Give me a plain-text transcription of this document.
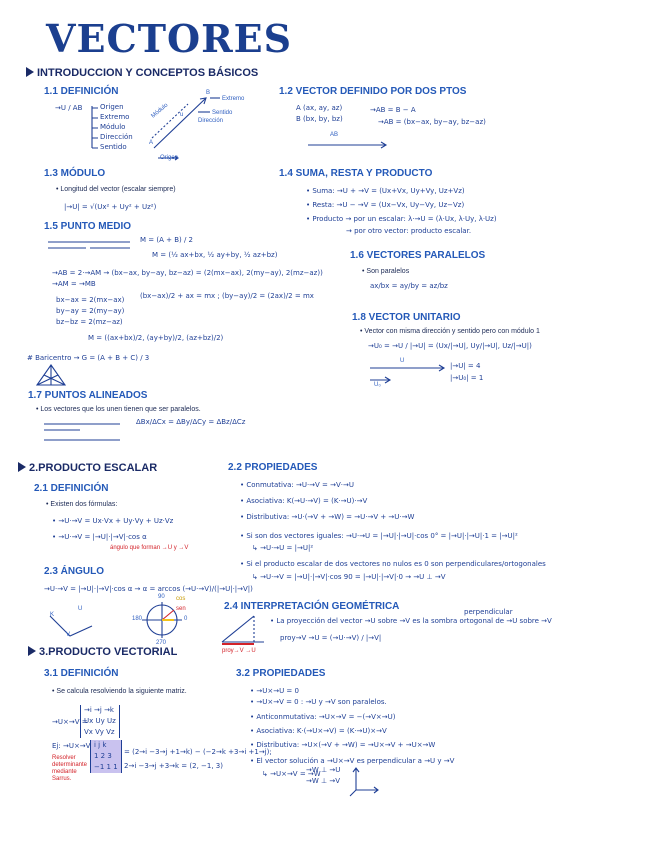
VECTORES
INTRODUCCION Y CONCEPTOS BÁSICOS
1.1 DEFINICIÓN
→U / AB	Origen
Extremo
Módulo
Dirección
Sentido
Módulo
Extremo
Sentido
Dirección
Origen
A
B
u
1.2 VECTOR DEFINIDO POR DOS PTOS
A (ax, ay, az)
B (bx, by, bz)
→AB = B − A
→AB = (bx−ax, by−ay, bz−az)
AB
1.3 MÓDULO
• Longitud del vector (escalar siempre)
|→U| = √(Ux² + Uy² + Uz²)
1.4 SUMA, RESTA Y PRODUCTO
• Suma: →U + →V = (Ux+Vx, Uy+Vy, Uz+Vz)
• Resta: →U − →V = (Ux−Vx, Uy−Vy, Uz−Vz)
• Producto → por un escalar: λ·→U = (λ·Ux, λ·Uy, λ·Uz)
→ por otro vector: producto escalar.
1.5 PUNTO MEDIO
M = (A + B) / 2
M = (½ ax+bx, ½ ay+by, ½ az+bz)
→AB = 2·→AM → (bx−ax, by−ay, bz−az) = (2(mx−ax), 2(my−ay), 2(mz−az))
→AM = →MB
bx−ax = 2(mx−ax)
by−ay = 2(my−ay)
bz−bz = 2(mz−az)
(bx−ax)/2 + ax = mx ; (by−ay)/2 = (2ax)/2 = mx
M = ((ax+bx)/2, (ay+by)/2, (az+bz)/2)
# Baricentro → G = (A + B + C) / 3
1.6 VECTORES PARALELOS
• Son paralelos
ax/bx = ay/by = az/bz
1.7 PUNTOS ALINEADOS
• Los vectores que los unen tienen que ser paralelos.
ΔBx/ΔCx = ΔBy/ΔCy = ΔBz/ΔCz
1.8 VECTOR UNITARIO
• Vector con misma dirección y sentido pero con módulo 1
→U₀ = →U / |→U| = (Ux/|→U|, Uy/|→U|, Uz/|→U|)
U
U₀
|→U| = 4
|→U₀| = 1
2.PRODUCTO ESCALAR
2.1 DEFINICIÓN
• Existen dos fórmulas:
• →U·→V = Ux·Vx + Uy·Vy + Uz·Vz
• →U·→V = |→U|·|→V|·cos α
ángulo que forman →U y →V
2.2 PROPIEDADES
• Conmutativa: →U·→V = →V·→U
• Asociativa: K(→U·→V) = (K·→U)·→V
• Distributiva: →U·(→V + →W) = →U·→V + →U·→W
• Si son dos vectores iguales: →U·→U = |→U|·|→U|·cos 0° = |→U|·|→U|·1 = |→U|²
↳ →U·→U = |→U|²
• Si el producto escalar de dos vectores no nulos es 0 son perpendiculares/ortogonales
↳ →U·→V = |→U|·|→V|·cos 90 = |→U|·|→V|·0 → →U ⊥ →V
2.3 ÁNGULO
→U·→V = |→U|·|→V|·cos α → α = arccos (→U·→V)/(|→U|·|→V|)
K
U
V
cos
sen
90
0
180
270
2.4 INTERPRETACIÓN GEOMÉTRICA	perpendicular
• La proyección del vector →U sobre →V es la sombra ortogonal de →U sobre →V
proy→V →U = (→U·→V) / |→V|
proy→V →U
3.PRODUCTO VECTORIAL
3.1 DEFINICIÓN
• Se calcula resolviendo la siguiente matriz.
→U×→V =
→i →j →k
Ux Uy Uz
Vx Vy Vz
Ej: →U×→V i j k
1 2 3
−1 1 1
= (2→i −3→j +1→k) − (−2→k +3→i +1→j);
2→i −3→j +3→k = (2, −1, 3)
Resolver determinante mediante Sarrus.
3.2 PROPIEDADES
• →U×→U = 0
• →U×→V = 0 : →U y →V son paralelos.
• Anticonmutativa: →U×→V = −(→V×→U)
• Asociativa: K·(→U×→V) = (K·→U)×→V
• Distributiva: →U×(→V + →W) = →U×→V + →U×→W
• El vector solución a →U×→V es perpendicular a →U y →V
↳ →U×→V = →W
→W ⊥ →U
→W ⊥ →V
